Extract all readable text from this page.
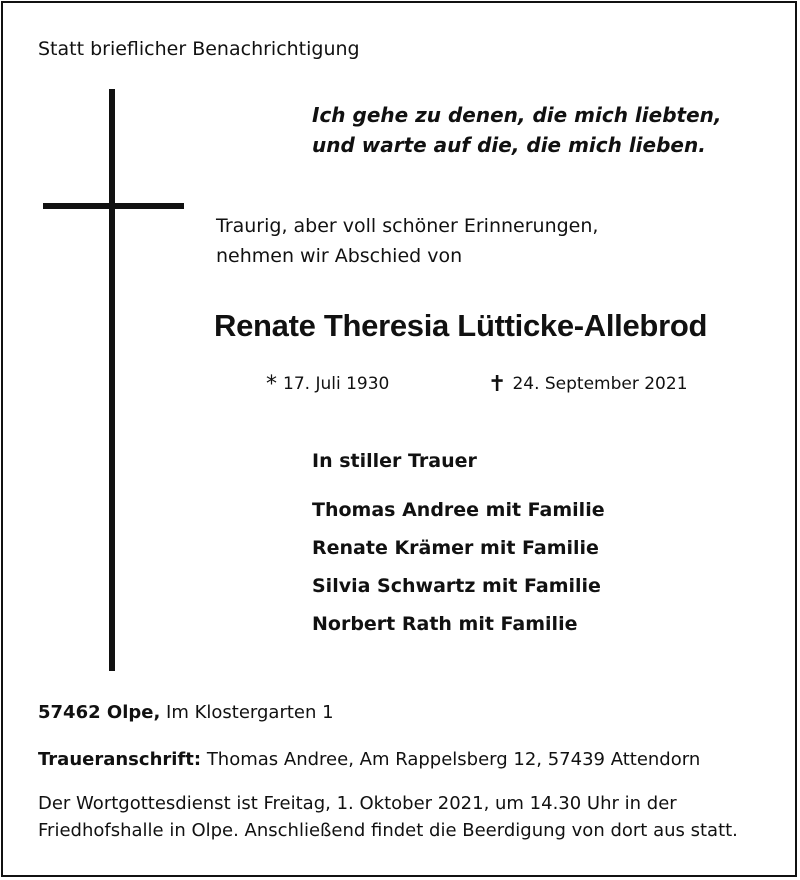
Statt brieflicher Benachrichtigung

Ich gehe zu denen, die mich liebten,
und warte auf die, die mich lieben.
Traurig, aber voll schöner Erinnerungen,
nehmen wir Abschied von

Renate Theresia Lütticke-Allebrod

* 17. Juli 1930	✝ 24. September 2021

In stiller Trauer

Thomas Andree mit Familie
Renate Krämer mit Familie
Silvia Schwartz mit Familie
Norbert Rath mit Familie

57462 Olpe, Im Klostergarten 1

Traueranschrift: Thomas Andree, Am Rappelsberg 12, 57439 Attendorn

Der Wortgottesdienst ist Freitag, 1. Oktober 2021, um 14.30 Uhr in der
Friedhofshalle in Olpe. Anschließend findet die Beerdigung von dort aus statt.
